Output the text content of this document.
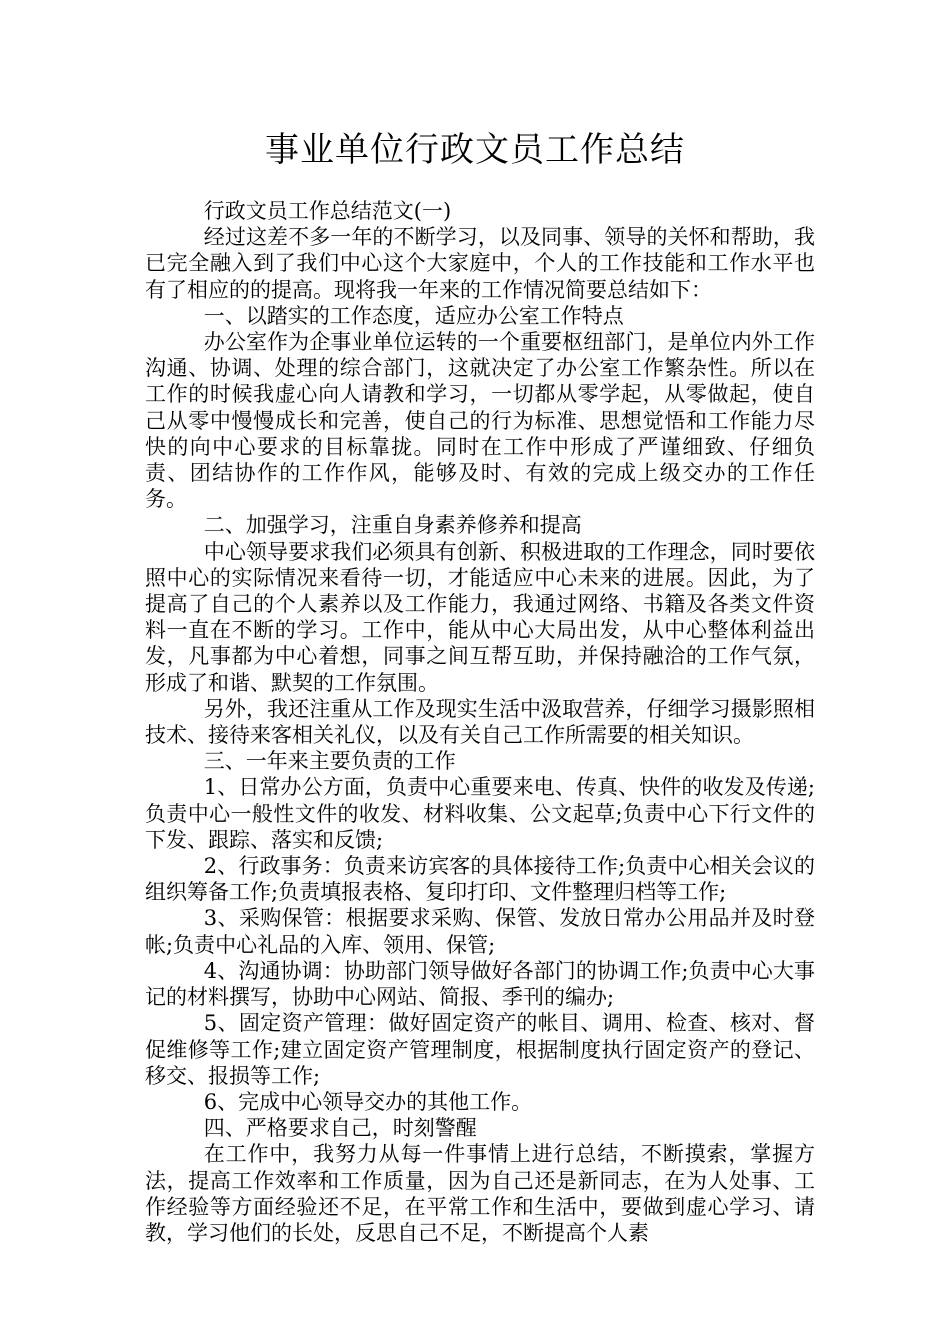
事业单位行政文员工作总结

行政文员工作总结范文(一)

经过这差不多一年的不断学习，以及同事、领导的关怀和帮助，我已完全融入到了我们中心这个大家庭中，个人的工作技能和工作水平也有了相应的的提高。现将我一年来的工作情况简要总结如下：

一、以踏实的工作态度，适应办公室工作特点

办公室作为企事业单位运转的一个重要枢纽部门，是单位内外工作沟通、协调、处理的综合部门，这就决定了办公室工作繁杂性。所以在工作的时候我虚心向人请教和学习，一切都从零学起，从零做起，使自己从零中慢慢成长和完善，使自己的行为标准、思想觉悟和工作能力尽快的向中心要求的目标靠拢。同时在工作中形成了严谨细致、仔细负责、团结协作的工作作风，能够及时、有效的完成上级交办的工作任务。

二、加强学习，注重自身素养修养和提高

中心领导要求我们必须具有创新、积极进取的工作理念，同时要依照中心的实际情况来看待一切，才能适应中心未来的进展。因此，为了提高了自己的个人素养以及工作能力，我通过网络、书籍及各类文件资料一直在不断的学习。工作中，能从中心大局出发，从中心整体利益出发，凡事都为中心着想，同事之间互帮互助，并保持融洽的工作气氛，形成了和谐、默契的工作氛围。

另外，我还注重从工作及现实生活中汲取营养，仔细学习摄影照相技术、接待来客相关礼仪，以及有关自己工作所需要的相关知识。

三、一年来主要负责的工作

1、日常办公方面，负责中心重要来电、传真、快件的收发及传递;负责中心一般性文件的收发、材料收集、公文起草;负责中心下行文件的下发、跟踪、落实和反馈;

2、行政事务：负责来访宾客的具体接待工作;负责中心相关会议的组织筹备工作;负责填报表格、复印打印、文件整理归档等工作;

3、采购保管：根据要求采购、保管、发放日常办公用品并及时登帐;负责中心礼品的入库、领用、保管;

4、沟通协调：协助部门领导做好各部门的协调工作;负责中心大事记的材料撰写，协助中心网站、简报、季刊的编办;

5、固定资产管理：做好固定资产的帐目、调用、检查、核对、督促维修等工作;建立固定资产管理制度，根据制度执行固定资产的登记、移交、报损等工作;

6、完成中心领导交办的其他工作。

四、严格要求自己，时刻警醒

在工作中，我努力从每一件事情上进行总结，不断摸索，掌握方法，提高工作效率和工作质量，因为自己还是新同志，在为人处事、工作经验等方面经验还不足，在平常工作和生活中，要做到虚心学习、请教，学习他们的长处，反思自己不足，不断提高个人素
